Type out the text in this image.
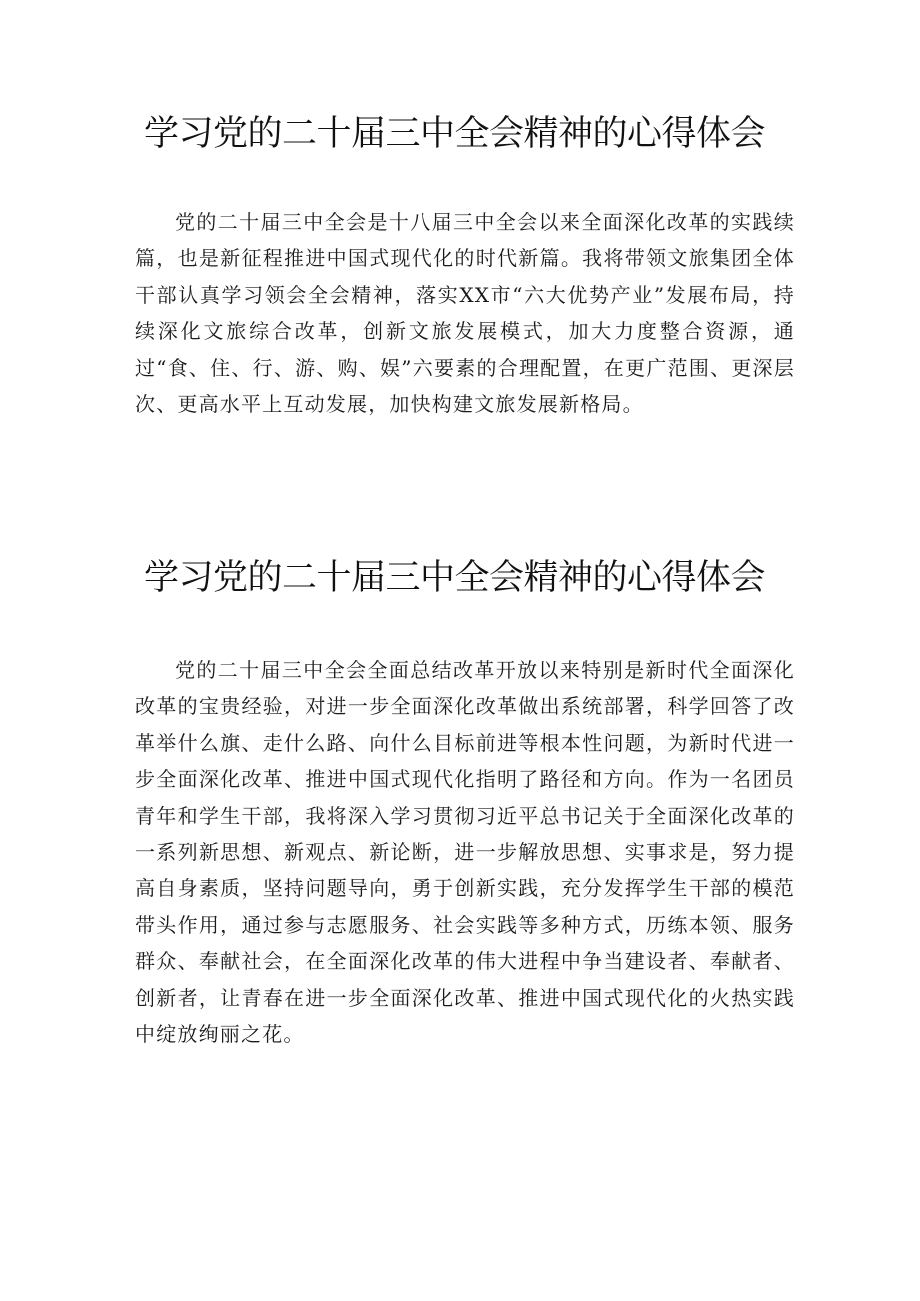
学习党的二十届三中全会精神的心得体会

党的二十届三中全会是十八届三中全会以来全面深化改革的实践续篇，也是新征程推进中国式现代化的时代新篇。我将带领文旅集团全体干部认真学习领会全会精神，落实XX市“六大优势产业”发展布局，持续深化文旅综合改革，创新文旅发展模式，加大力度整合资源，通过“食、住、行、游、购、娱”六要素的合理配置，在更广范围、更深层次、更高水平上互动发展，加快构建文旅发展新格局。

学习党的二十届三中全会精神的心得体会

党的二十届三中全会全面总结改革开放以来特别是新时代全面深化改革的宝贵经验，对进一步全面深化改革做出系统部署，科学回答了改革举什么旗、走什么路、向什么目标前进等根本性问题，为新时代进一步全面深化改革、推进中国式现代化指明了路径和方向。作为一名团员青年和学生干部，我将深入学习贯彻习近平总书记关于全面深化改革的一系列新思想、新观点、新论断，进一步解放思想、实事求是，努力提高自身素质，坚持问题导向，勇于创新实践，充分发挥学生干部的模范带头作用，通过参与志愿服务、社会实践等多种方式，历练本领、服务群众、奉献社会，在全面深化改革的伟大进程中争当建设者、奉献者、创新者，让青春在进一步全面深化改革、推进中国式现代化的火热实践中绽放绚丽之花。
